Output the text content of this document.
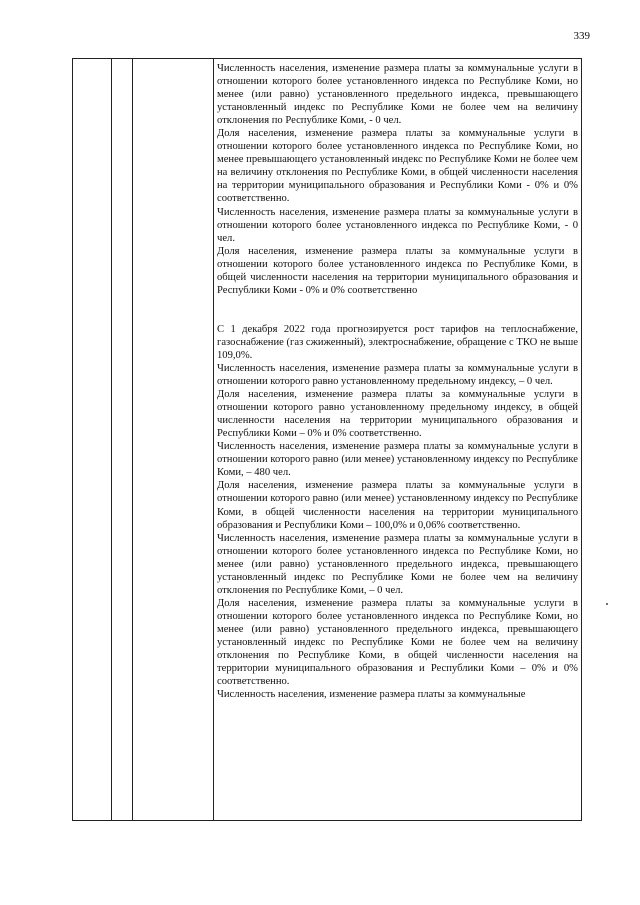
339

Численность населения, изменение размера платы за коммунальные услуги в отношении которого более установленного индекса по Республике Коми, но менее (или равно) установленного предельного индекса, превышающего установленный индекс по Республике Коми не более чем на величину отклонения по Республике Коми, - 0 чел.

Доля населения, изменение размера платы за коммунальные услуги в отношении которого более установленного индекса по Республике Коми, но менее превышающего установленный индекс по Республике Коми не более чем на величину отклонения по Республике Коми, в общей численности населения на территории муниципального образования и Республики Коми - 0% и 0% соответственно.

Численность населения, изменение размера платы за коммунальные услуги в отношении которого более установленного индекса по Республике Коми, - 0 чел.

Доля населения, изменение размера платы за коммунальные услуги в отношении которого более установленного индекса по Республике Коми, в общей численности населения на территории муниципального образования и Республики Коми - 0% и 0% соответственно

С 1 декабря 2022 года прогнозируется рост тарифов на теплоснабжение, газоснабжение (газ сжиженный), электроснабжение, обращение с ТКО не выше 109,0%.

Численность населения, изменение размера платы за коммунальные услуги в отношении которого равно установленному предельному индексу, – 0 чел.

Доля населения, изменение размера платы за коммунальные услуги в отношении которого равно установленному предельному индексу, в общей численности населения на территории муниципального образования и Республики Коми – 0% и 0% соответственно.

Численность населения, изменение размера платы за коммунальные услуги в отношении которого равно (или менее) установленному индексу по Республике Коми, – 480 чел.

Доля населения, изменение размера платы за коммунальные услуги в отношении которого равно (или менее) установленному индексу по Республике Коми, в общей численности населения на территории муниципального образования и Республики Коми – 100,0% и 0,06% соответственно.

Численность населения, изменение размера платы за коммунальные услуги в отношении которого более установленного индекса по Республике Коми, но менее (или равно) установленного предельного индекса, превышающего установленный индекс по Республике Коми не более чем на величину отклонения по Республике Коми, – 0 чел.

Доля населения, изменение размера платы за коммунальные услуги в отношении которого более установленного индекса по Республике Коми, но менее (или равно) установленного предельного индекса, превышающего установленный индекс по Республике Коми не более чем на величину отклонения по Республике Коми, в общей численности населения на территории муниципального образования и Республики Коми – 0% и 0% соответственно.

Численность населения, изменение размера платы за коммунальные
